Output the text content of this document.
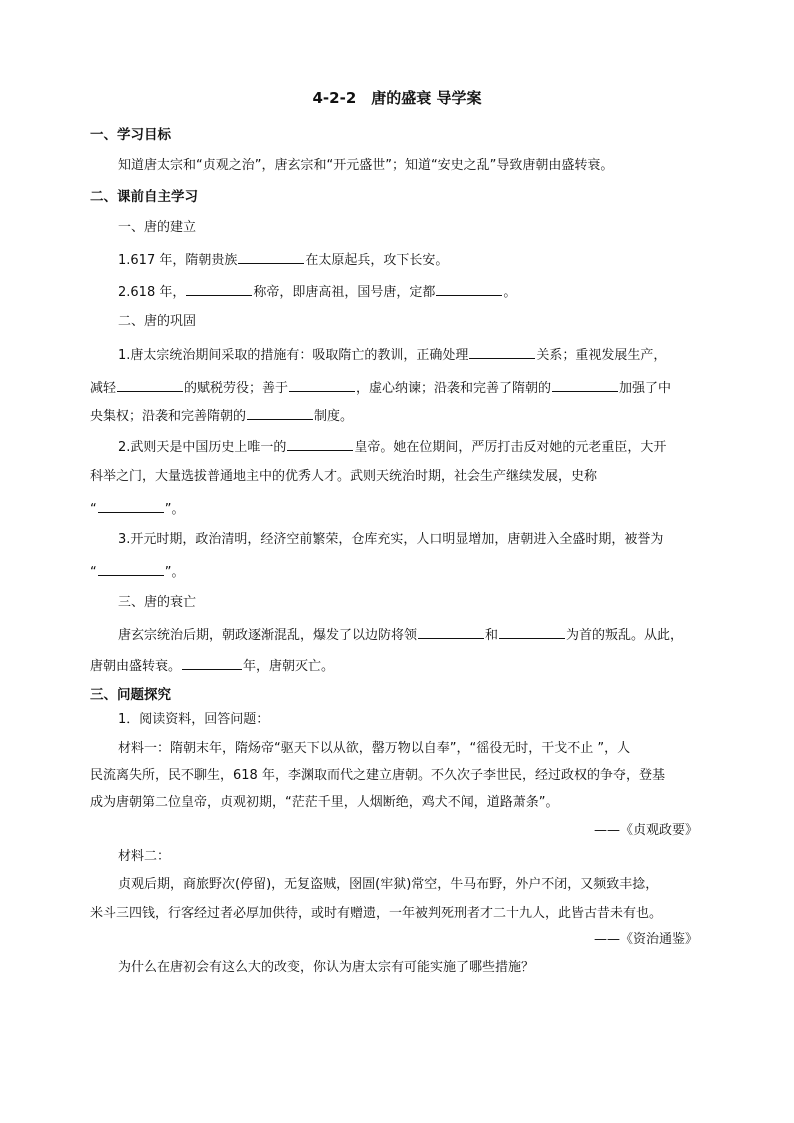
4-2-2　唐的盛衰 导学案
一、学习目标
知道唐太宗和“贞观之治”，唐玄宗和“开元盛世”；知道“安史之乱”导致唐朝由盛转衰。
二、课前自主学习
一、唐的建立
1.617 年，隋朝贵族	在太原起兵，攻下长安。
2.618 年，	称帝，即唐高祖，国号唐，定都	。
二、唐的巩固
1.唐太宗统治期间采取的措施有：吸取隋亡的教训，正确处理	关系；重视发展生产，
减轻	的赋税劳役；善于	，虚心纳谏；沿袭和完善了隋朝的	加强了中
央集权；沿袭和完善隋朝的	制度。
2.武则天是中国历史上唯一的	皇帝。她在位期间，严厉打击反对她的元老重臣，大开
科举之门，大量选拔普通地主中的优秀人才。武则天统治时期，社会生产继续发展，史称
“	”。
3.开元时期，政治清明，经济空前繁荣，仓库充实，人口明显增加，唐朝进入全盛时期，被誉为
“	”。
三、唐的衰亡
唐玄宗统治后期，朝政逐渐混乱，爆发了以边防将领	和	为首的叛乱。从此，
唐朝由盛转衰。	年，唐朝灭亡。
三、问题探究
1．阅读资料，回答问题：
材料一：隋朝末年，隋炀帝“驱天下以从欲，罄万物以自奉”，“徭役无时，干戈不止 ”，人
民流离失所，民不聊生，618 年，李渊取而代之建立唐朝。不久次子李世民，经过政权的争夺，登基
成为唐朝第二位皇帝，贞观初期，“茫茫千里，人烟断绝，鸡犬不闻，道路萧条”。
——《贞观政要》
材料二：
贞观后期，商旅野次(停留)，无复盗贼，囹圄(牢狱)常空，牛马布野，外户不闭，又频致丰捻，
米斗三四钱，行客经过者必厚加供待，或时有赠遗，一年被判死刑者才二十九人，此皆古昔未有也。
——《资治通鉴》
为什么在唐初会有这么大的改变，你认为唐太宗有可能实施了哪些措施？
